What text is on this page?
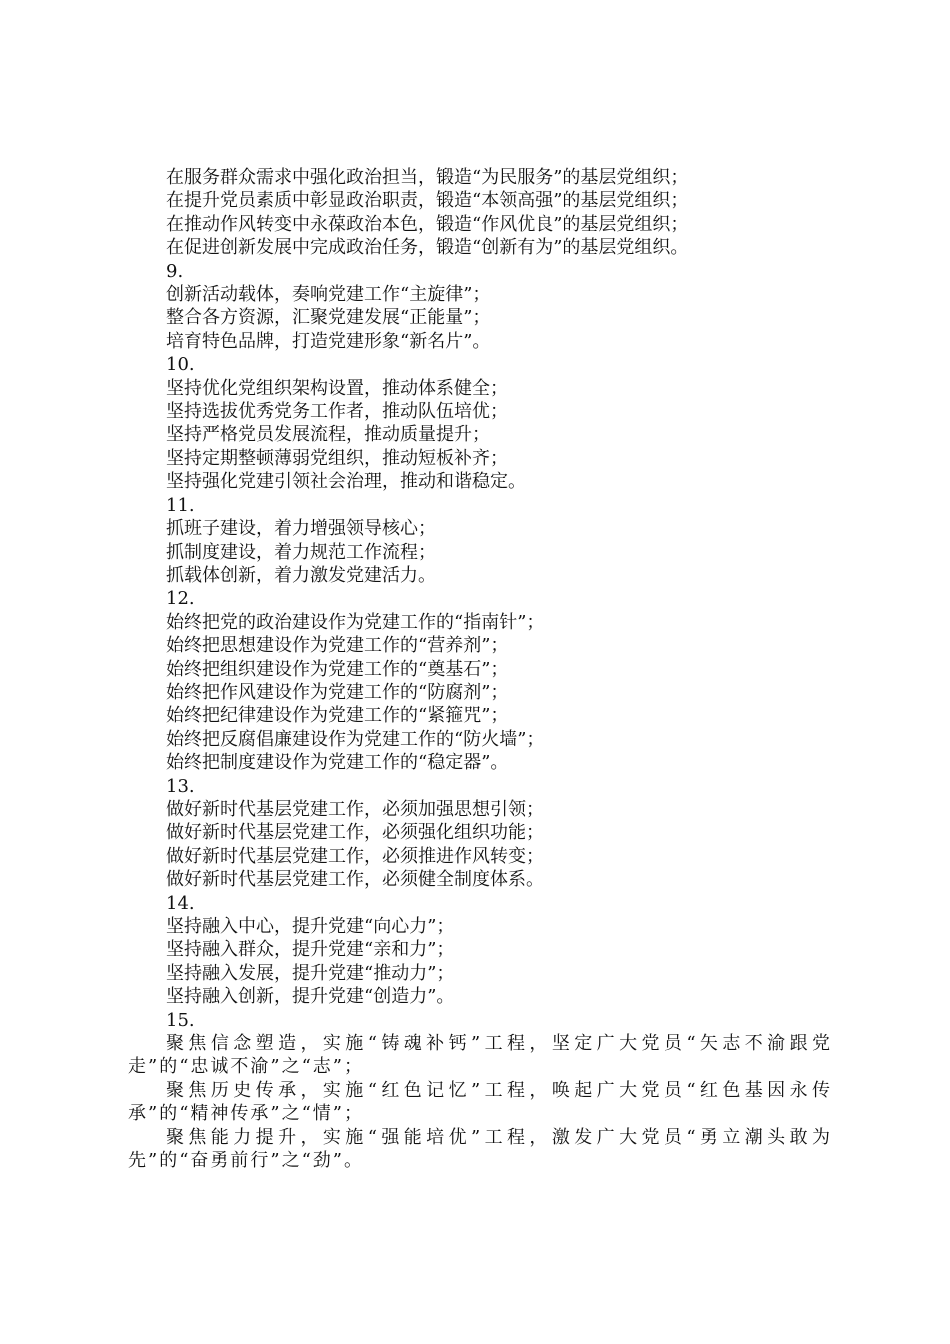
在服务群众需求中强化政治担当，锻造“为民服务”的基层党组织；
在提升党员素质中彰显政治职责，锻造“本领高强”的基层党组织；
在推动作风转变中永葆政治本色，锻造“作风优良”的基层党组织；
在促进创新发展中完成政治任务，锻造“创新有为”的基层党组织。
9.
创新活动载体，奏响党建工作“主旋律”；
整合各方资源，汇聚党建发展“正能量”；
培育特色品牌，打造党建形象“新名片”。
10.
坚持优化党组织架构设置，推动体系健全；
坚持选拔优秀党务工作者，推动队伍培优；
坚持严格党员发展流程，推动质量提升；
坚持定期整顿薄弱党组织，推动短板补齐；
坚持强化党建引领社会治理，推动和谐稳定。
11.
抓班子建设，着力增强领导核心；
抓制度建设，着力规范工作流程；
抓载体创新，着力激发党建活力。
12.
始终把党的政治建设作为党建工作的“指南针”；
始终把思想建设作为党建工作的“营养剂”；
始终把组织建设作为党建工作的“奠基石”；
始终把作风建设作为党建工作的“防腐剂”；
始终把纪律建设作为党建工作的“紧箍咒”；
始终把反腐倡廉建设作为党建工作的“防火墙”；
始终把制度建设作为党建工作的“稳定器”。
13.
做好新时代基层党建工作，必须加强思想引领；
做好新时代基层党建工作，必须强化组织功能；
做好新时代基层党建工作，必须推进作风转变；
做好新时代基层党建工作，必须健全制度体系。
14.
坚持融入中心，提升党建“向心力”；
坚持融入群众，提升党建“亲和力”；
坚持融入发展，提升党建“推动力”；
坚持融入创新，提升党建“创造力”。
15.

聚焦信念塑造，实施“铸魂补钙”工程，坚定广大党员“矢志不渝跟党走”的“忠诚不渝”之“志”；

聚焦历史传承，实施“红色记忆”工程，唤起广大党员“红色基因永传承”的“精神传承”之“情”；

聚焦能力提升，实施“强能培优”工程，激发广大党员“勇立潮头敢为先”的“奋勇前行”之“劲”。
